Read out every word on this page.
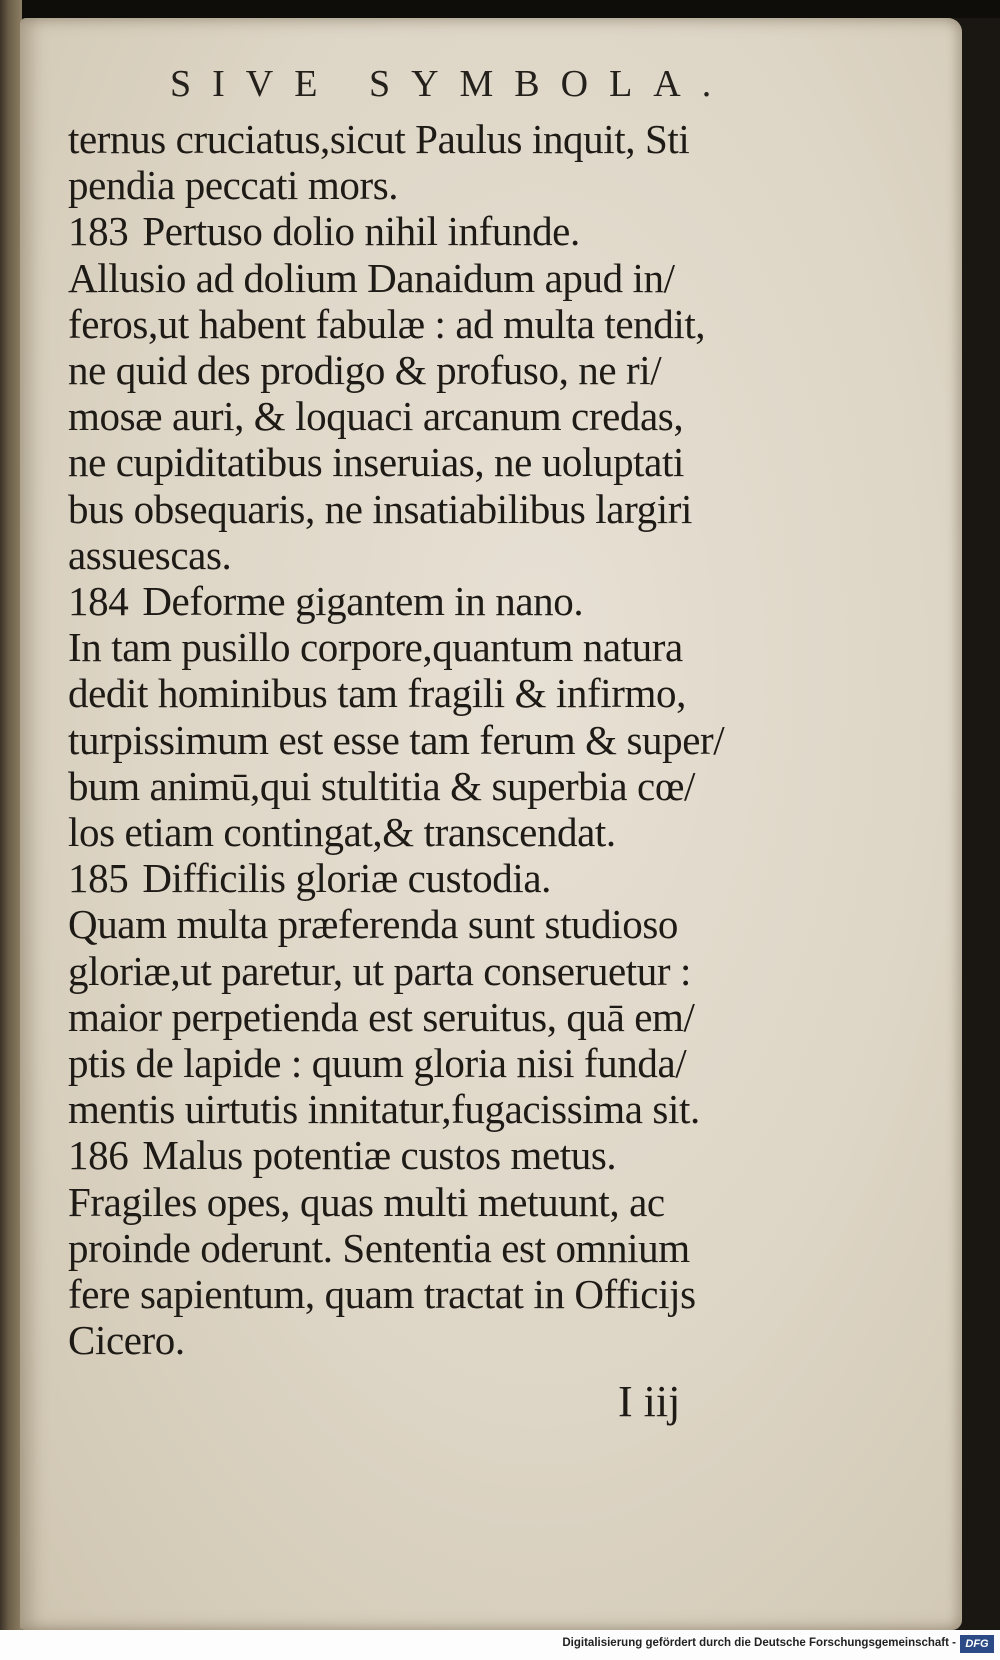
SIVE SYMBOLA.
ternus cruciatus,sicut Paulus inquit, Sti
pendia peccati mors.
183 Pertuso dolio nihil infunde.
Allusio ad dolium Danaidum apud in/
feros,ut habent fabulæ : ad multa tendit,
ne quid des prodigo & profuso, ne ri/
mosæ auri, & loquaci arcanum credas,
ne cupiditatibus inseruias, ne uoluptati
bus obsequaris, ne insatiabilibus largiri
assuescas.
184 Deforme gigantem in nano.
In tam pusillo corpore,quantum natura
dedit hominibus tam fragili & infirmo,
turpissimum est esse tam ferum & super/
bum animū,qui stultitia & superbia cœ/
los etiam contingat,& transcendat.
185 Difficilis gloriæ custodia.
Quam multa præferenda sunt studioso
gloriæ,ut paretur, ut parta conseruetur :
maior perpetienda est seruitus, quā em/
ptis de lapide : quum gloria nisi funda/
mentis uirtutis innitatur,fugacissima sit.
186 Malus potentiæ custos metus.
Fragiles opes, quas multi metuunt, ac
proinde oderunt. Sententia est omnium
fere sapientum, quam tractat in Officijs
Cicero.
I iij
Digitalisierung gefördert durch die Deutsche Forschungsgemeinschaft - DFG
